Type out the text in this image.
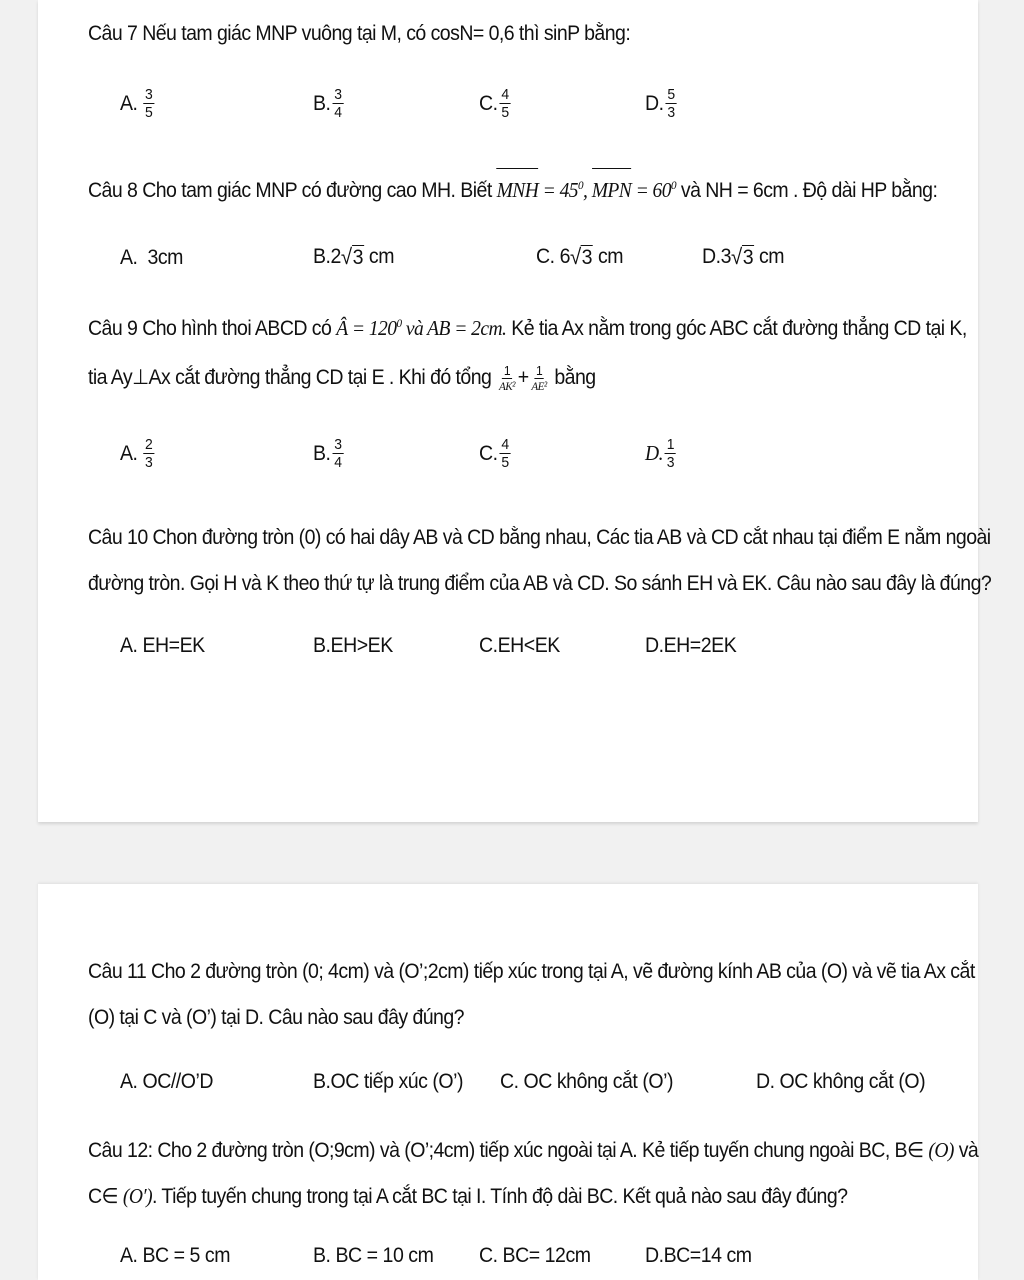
Câu 7 Nếu tam giác MNP vuông tại M, có cosN= 0,6 thì sinP bằng:
A. $\frac{3}{5}$	B. $\frac{3}{4}$	C. $\frac{4}{5}$	D. $\frac{5}{3}$
Câu 8 Cho tam giác MNP có đường cao MH. Biết MNH = $45^0$, MPN = $60^0$ và NH = 6cm . Độ dài HP bằng:
A.
3cm	B. 2 √ 3
cm	C.
6 √ 3
cm	D. 3 √ 3
cm
Câu 9 Cho hình thoi ABCD có Â = $120^0$ và AB = 2cm. Kẻ tia Ax nằm trong góc ABC cắt đường thẳng CD tại K,
tia Ay⊥Ax cắt đường thẳng CD tại E . Khi đó tổng $\frac{1}{\text{AK²}} + \frac{1}{\text{AE²}}$ bằng
A. $\frac{2}{3}$	B. $\frac{3}{4}$	C. $\frac{4}{5}$	D. $\frac{1}{3}$
Câu 10 Chon đường tròn (0) có hai dây AB và CD bằng nhau, Các tia AB và CD cắt nhau tại điểm E nằm ngoài
đường tròn. Gọi H và K theo thứ tự là trung điểm của AB và CD. So sánh EH và EK. Câu nào sau đây là đúng?
A. EH=EK	B.EH>EK	C.EH<EK	D.EH=2EK
Câu 11 Cho 2 đường tròn (0; 4cm) và (O’;2cm) tiếp xúc trong tại A, vẽ đường kính AB của (O) và vẽ tia Ax cắt
(O) tại C và (O’) tại D. Câu nào sau đây đúng?
A. OC//O’D	B.OC tiếp xúc (O’) C. OC không cắt (O’)	D. OC không cắt (O)
Câu 12: Cho 2 đường tròn (O;9cm) và (O’;4cm) tiếp xúc ngoài tại A. Kẻ tiếp tuyến chung ngoài BC, B∈ (O) và
C∈ (O′). Tiếp tuyến chung trong tại A cắt BC tại I. Tính độ dài BC. Kết quả nào sau đây đúng?
A. BC = 5 cm	B. BC = 10 cm C. BC= 12cm	D.BC=14 cm
